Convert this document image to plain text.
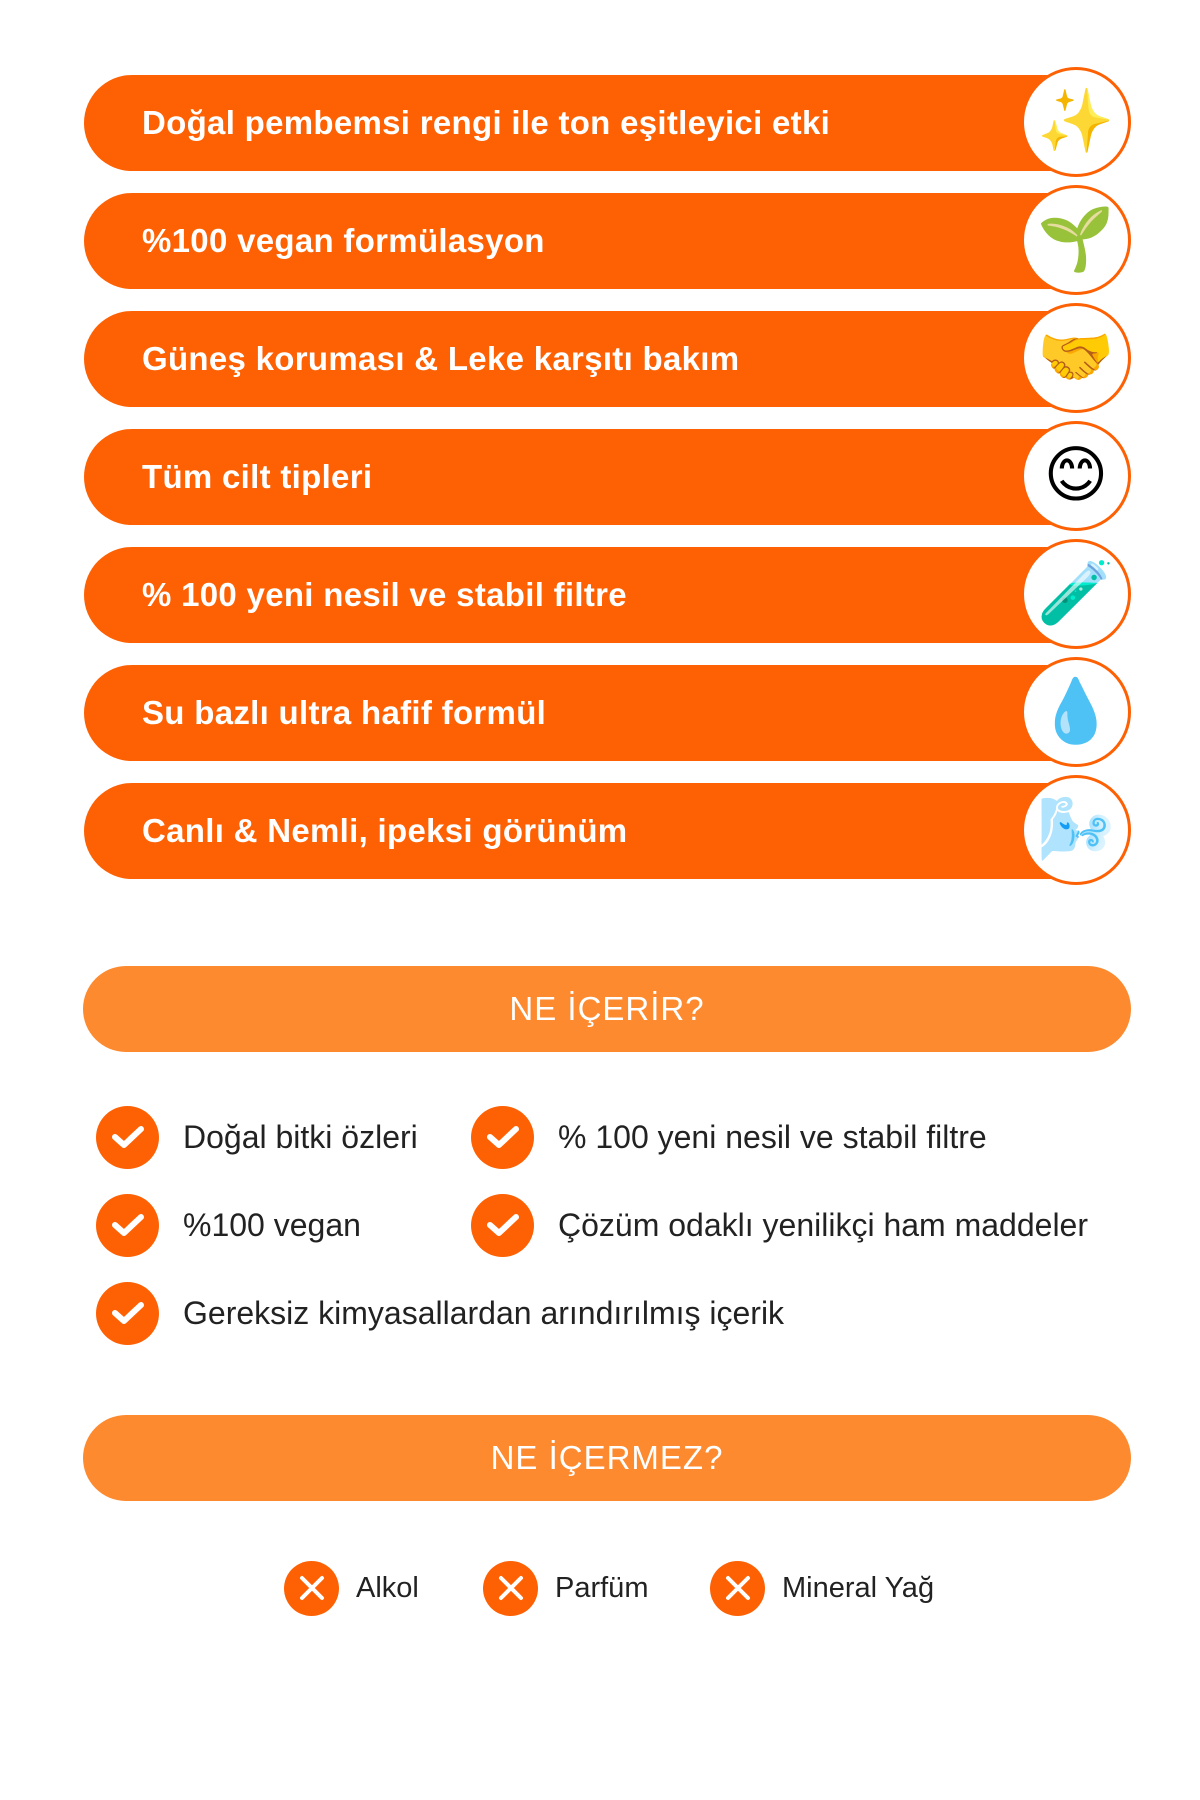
Doğal pembemsi rengi ile ton eşitleyici etki	✨
%100 vegan formülasyon	🌱
Güneş koruması & Leke karşıtı bakım	🤝
Tüm cilt tipleri	😊
% 100 yeni nesil ve stabil filtre	🧪
Su bazlı ultra hafif formül	💧
Canlı & Nemli, ipeksi görünüm	🌬️
NE İÇERİR?
Doğal bitki özleri	% 100 yeni nesil ve stabil filtre
%100 vegan	Çözüm odaklı yenilikçi ham maddeler
Gereksiz kimyasallardan arındırılmış içerik
NE İÇERMEZ?
Alkol	Parfüm	Mineral Yağ
